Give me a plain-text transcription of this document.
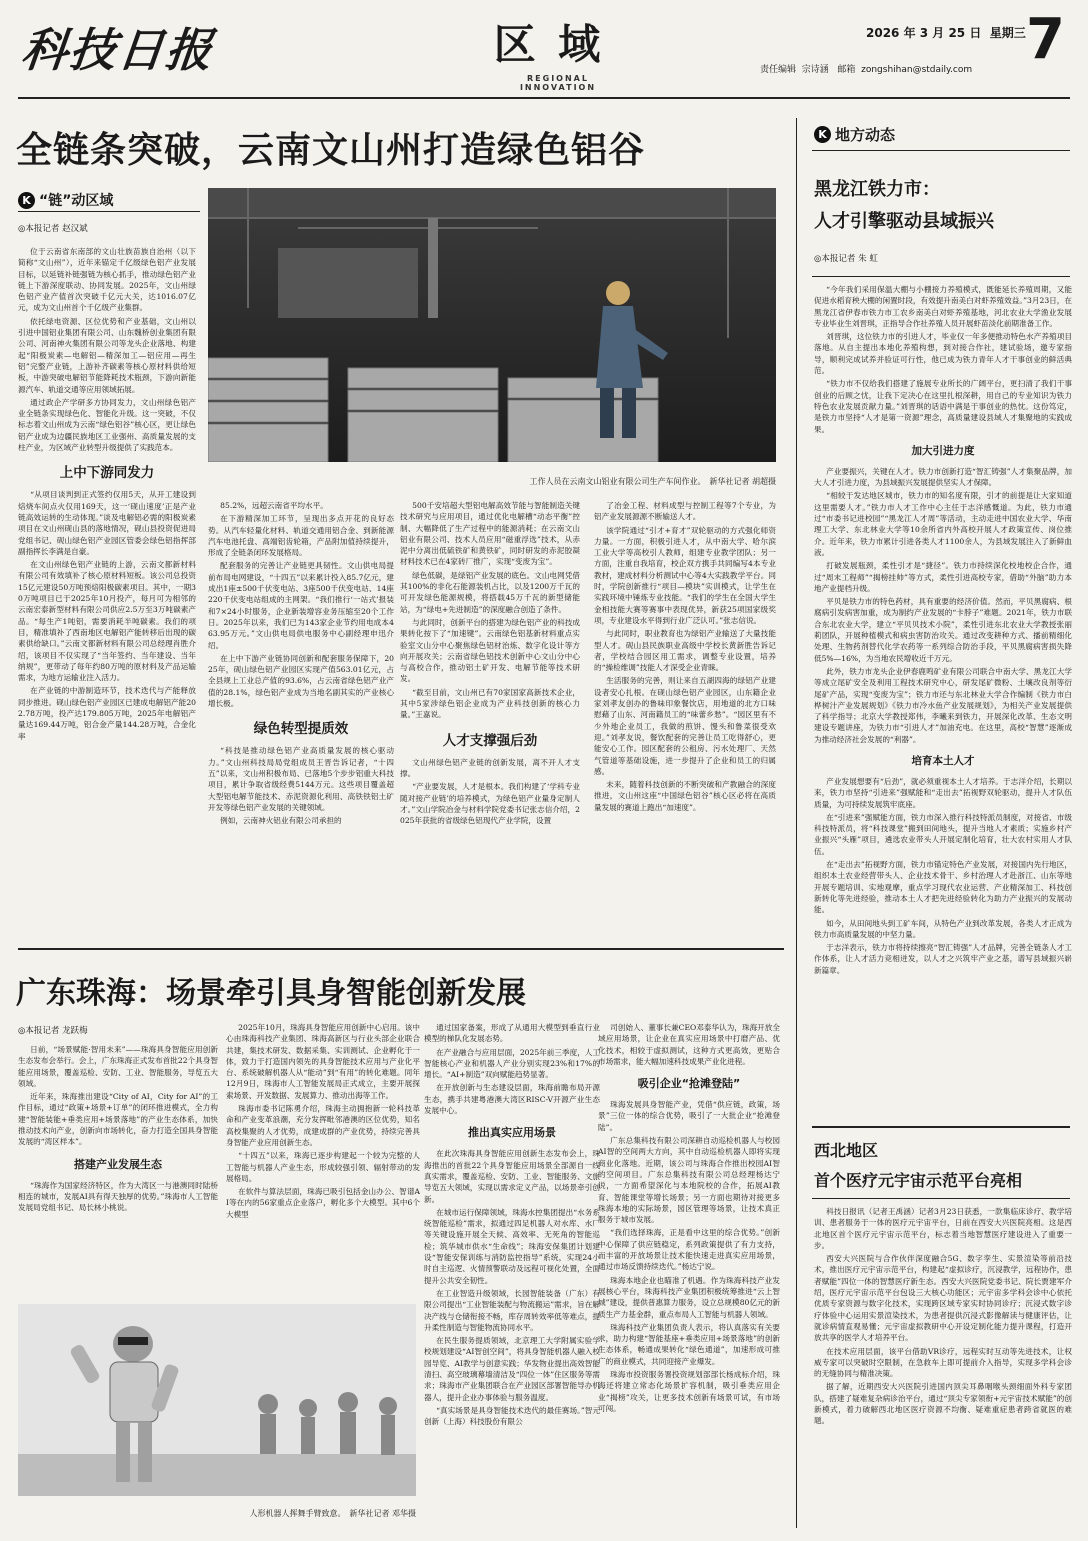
科技日报	区 域
REGIONAL INNOVATION
2026 年 3 月 25 日 星期三
责任编辑 宗诗涵 邮箱 zongshihan@stdaily.com 7
全链条突破，云南文山州打造绿色铝谷
K “链”动区域
◎本报记者 赵汉斌
工作人员在云南文山铝业有限公司生产车间作业。　新华社记者 胡超摄

位于云南省东南部的文山壮族苗族自治州（以下简称“文山州”），近年来锚定千亿级绿色铝产业发展目标，以延链补链强链为核心抓手，推动绿色铝产业链上下游深度联动、协同发展。2025年，文山州绿色铝产业产值首次突破千亿元大关，达1016.07亿元，成为文山州首个千亿级产业集群。

依托绿电资源、区位优势和产业基础，文山州以引进中国铝业集团有限公司、山东魏桥创业集团有限公司、河南神火集团有限公司等龙头企业落地、构建起“阳极炭素—电解铝—精深加工—铝应用—再生铝”完整产业链，上游补齐碳素等核心原材料供给短板，中游突破电解铝节能降耗技术瓶颈，下游向新能源汽车、轨道交通等应用领域拓展。

通过政企产学研多方协同发力，文山州绿色铝产业全链条实现绿色化、智能化升级。这一突破，不仅标志着文山州成为云南“绿色铝谷”核心区，更让绿色铝产业成为边疆民族地区工业强州、高质量发展的支柱产业，为区域产业转型升级提供了实践范本。

上中下游同发力

“从项目谈判到正式签约仅用5天，从开工建设到焙烧车间点火仅用169天，这一‘砚山速度’正是产业链高效运转的生动体现。”谈及电解铝必需的阳极炭素项目在文山州砚山县的落地情况，砚山县投资促进局党组书记、砚山绿色铝产业园区管委会绿色铝指挥部副指挥长李满是自豪。

在文山州绿色铝产业链的上游，云南文都新材料有限公司有效填补了核心原材料短板。该公司总投资15亿元建设50万吨预焙阳极碳素项目。其中，一期30万吨项目已于2025年10月投产，每月可为相邻的云南宏泰新型材料有限公司供应2.5万至3万吨碳素产品。“每生产1吨铝，需要消耗半吨碳素。我们的项目，精准填补了西南地区电解铝产能转移后出现的碳素供给缺口。”云南文都新材料有限公司总经理肖胜介绍，该项目不仅实现了“当年签约、当年建设、当年纳规”，更带动了每年约80万吨的原材料及产品运输需求，为地方运输业注入活力。

在产业链的中游制造环节，技术迭代与产能释放同步推进。砚山绿色铝产业园区已建成电解铝产能202.78万吨，投产达179.805万吨，2025年电解铝产量达169.44万吨，铝合金产量144.28万吨，合金化率

85.2%，远超云南省平均水平。

在下游精深加工环节，呈现出多点开花的良好态势。从汽车轻量化材料、轨道交通用铝合金、到新能源汽车电池托盘、高端铝齿轮箱，产品附加值持续提升，形成了全链条闭环发展格局。

配套服务的完善让产业链更具韧性。文山供电局提前布局电网建设，“十四五”以来累计投入85.7亿元，建成出1座±500千伏变电站、3座500千伏变电站、14座220千伏变电站组成的主网架。“我们推行‘一站式’报装和7×24小时服务，企业新装增容业务压缩至20个工作日。2025年以来，我们已为143家企业节约用电成本463.95万元。”文山供电局供电服务中心副经理申迅介绍。

在上中下游产业链协同创新和配套服务保障下，2025年，砚山绿色铝产业园区实现产值563.01亿元，占全县规上工业总产值的93.6%，占云南省绿色铝产业产值的28.1%，绿色铝产业成为当地名副其实的产业核心增长极。

绿色转型提质效

“科技是推动绿色铝产业高质量发展的核心驱动力。”文山州科技局局党组成员王晋告诉记者，“十四五”以来，文山州积极布局、已落地5个步步铝重大科技项目，累计争取省级经费5144万元。这些项目覆盖超大型铝电解节能技术、赤泥资源化利用、高铁铁铝土矿开发等绿色铝产业发展的关键领域。

例如，云南神火铝业有限公司承担的

500千安培超大型铝电解高效节能与智能制造关键技术研究与应用项目，通过优化电解槽“动态平衡”控制、大幅降低了生产过程中的能源消耗；在云南文山铝业有限公司、技术人员应用“磁重浮选”技术，从赤泥中分离出低硫铁矿和黄铁矿，同时研发的赤泥胶凝材料技术已在4家砖厂推广，实现“变废为宝”。

绿色低碳，是绿铝产业发展的底色。文山电网凭借其100%的非化石能源装机占比，以及1200万千瓦的可开发绿色能源规模，将搭载45万千瓦的新型储能站，为“绿电+先进制造”的深度融合创造了条件。

与此同时，创新平台的搭建为绿色铝产业的科技成果转化按下了“加速键”。云南绿色铝基新材料重点实验室文山分中心聚焦绿色铝材治炼、数字化设计等方向开展攻关；云南省绿色铝技术创新中心文山分中心与高校合作，推动铝土矿开发、电解节能等技术研发。

“截至目前，文山州已有70家国家高新技术企业，其中5家涉绿色铝企业成为产业科技创新的核心力量。”王嘉说。

人才支撑强后劲

文山州绿色铝产业链的创新发展，离不开人才支撑。

“产业要发展，人才是根本。我们构建了‘学科专业随对接产业链’的培养模式，为绿色铝产业量身定制人才。”文山学院冶金与材料学院党委书记张志信介绍，2025年获批的省级绿色铝现代产业学院，设置

了冶金工程、材料成型与控制工程等7个专业，为铝产业发展源源不断输送人才。

该学院通过“引才+育才”双轮驱动的方式强化师资力量。一方面，积极引进人才，从中南大学、哈尔滨工业大学等高校引人教师，组建专业教学团队；另一方面，注重自我培育，校企双方携手共同编写4本专业教材，建成材料分析测试中心等4大实践教学平台。同时，学院创新推行“项目—模块”实训模式，让学生在实践环境中锤炼专业技能。“我们的学生在全国大学生金相技能大赛等赛事中表现优异，新获25项国家级奖项，专业建设水平得到行业广泛认可。”张志信说。

与此同时，职业教育也为绿铝产业输送了大量技能型人才。砚山县民族职业高级中学校长黄新胜告诉记者，学校结合园区用工需求，调整专业设置，培养的“操检维调”技能人才深受企业青睐。

生活服务的完善，则让来自五湖四海的绿铝产业建设者安心扎根。在砚山绿色铝产业园区，山东籍企业家刘孝友创办的鲁味印象餐饮店，用地道的北方口味慰藉了山东、河南籍员工的“味蕾乡愁”。“园区里有不少外地企业员工，我做的煎饼、馒头和鲁菜很受欢迎。”刘孝友说，餐饮配套的完善让员工吃得舒心，更能安心工作。园区配套的公租房、污水处理厂、天然气管道等基础设施，进一步提升了企业和员工的归属感。

未来，随着科技创新的不断突破和产教融合的深度推进，文山州这座“中国绿色铝谷”核心区必将在高质量发展的赛道上跑出“加速度”。

广东珠海：场景牵引具身智能创新发展
◎本报记者 龙跃梅

日前，“场景赋能·智用未来”——珠海具身智能应用创新生态发布会举行。会上，广东珠海正式发布首批22个具身智能应用场景，覆盖巡检、安防、工业、智能服务，导览五大领域。

近年来，珠海推出建设“City of AI，City for AI”的工作目标，通过“政策+场景+订单”的闭环推进模式，全力构建“智能装能+垂类应用+场景落地”的产业生态体系，加快推动技术向产业，创新向市场转化，奋力打造全国具身智能发展的“湾区样本”。

搭建产业发展生态

“珠海作为国家经济特区，作为大湾区一与港澳同时陆桥相连的城市，发展AI具有得天独厚的优势。”珠海市人工智能发展局党组书记、局长林小桃说。

2025年10月，珠海具身智能应用创新中心启用。该中心由珠海科技产业集团、珠海高新区与行业头部企业联合共建，集技术研发、数据采集、实训测试、企业孵化于一体，致力于打造国内领先的具身智能技术应用与产业化平台、系统破解机器人从“能动”到“有用”的转化难题。同年12月9日，珠海市人工智能发展局正式成立，主要开展探索场景、开发数据、发展算力、推动出海等工作。

珠海市委书记陈勇介绍，珠海主动拥抱新一轮科技革命和产业变革浪潮，充分发挥毗邻港澳的区位优势，知名高校集聚的人才优势，成建成群的产业优势，持续完善具身智能产业应用创新生态。

“十四五”以来，珠海已逐步构建起一个较为完整的人工智能与机器人产业生态，形成较强引领、辐射带动的发展格局。

在软件与算法层面，珠海已吸引包括金山办公、智谱AI等在内的56家重点企业落户，孵化多个大模型。其中6个大模型

人形机器人挥舞手臂致意。　新华社记者 邓华摄

通过国家备案，形成了从通用大模型到垂直行业模型的梯队化发展态势。

在产业融合与应用层面，2025年前三季度，人工智能核心产业和机器人产业分别实现23%和17%的增长。“AI+制造”双向赋能趋势显著。

在开放创新与生态建设层面，珠海前瞻布局开源生态，携手共建粤港澳大湾区RISC-V开源产业生态发展中心。

推出真实应用场景

在此次珠海具身智能应用创新生态发布会上，珠海推出的首批22个具身智能应用场景全部源自一线真实需求，覆盖巡检、安防、工业、智能服务、文旅导览五大领域，实现以需求定义产品，以场景牵引创新。

在城市运行保障领域，珠海水控集团提出“水务系统智能巡检”需求，拟通过四足机器人对水库、水厂等关键设施开展全天候、高效率、无死角的智能巡检；筑华城市供水“生命线”；珠海安保集团计划建设“智能安保训练与消防监控指导”系统，实现24小时自主巡逻、火情预警联动及远程可视化处置，全面提升公共安全韧性。

在工业智造升级领域，长园智能装备（广东）有限公司提出“工业智能装配与物流搬运”需求，旨在解决产线与仓储衔接不畅，库存周转效率低等难点，提升柔性制造与智能物流协同水平。

在民生服务提质领域，北京理工大学附属实验学校规划建设“AI智创空间”，将具身智能机器人融入校园导览、AI教学与创意实践；华发物业提出高效智能清扫、高空玻璃幕墙清洁及“四位一体”住区服务等需求；珠海市产业集团联合在产业园区部署智能导办机器人，提升企业办事体验与服务温度。

“真实场景是具身智能技术迭代的最佳赛场。”智元创新（上海）科技股份有限公

司创始人、董事长兼CEO邓泰华认为，珠海开放全域应用场景，让企业在真实应用场景中打磨产品、优化技术，相较于虚拟测试，这种方式更高效，更贴合市场需求，能大幅加速科技成果产业化进程。

吸引企业“抢滩登陆”

珠海发展具身智能产业，凭借“供应链，政策，场景”三位一体的综合优势，吸引了一大批企业“抢滩登陆”。

广东总集科技有限公司深耕自动巡检机器人与校园AI智的空间两大方向，其中自动巡检机器人即将实现商业化落地。近期，该公司与珠海合作推出校园AI智的空间项目。广东总集科技有限公司总经理杨达宁说，一方面希望深化与本地院校的合作，拓展AI教育、智能课堂等增长场景；另一方面也期待对接更多珠海本地的实际场景，园区管理等场景，让技术真正服务于城市发展。

“我们选择珠海，正是看中这里的综合优势。”创新中心保障了供应链稳定，系列政策提供了有力支持，而丰富的开放场景让技术能快速走进真实应用场景，通过市场反馈持续迭代。”杨达宁说。

珠海本地企业也瞄准了机遇。作为珠海科技产业发展核心平台，珠海科技产业集团积极统筹推进“云上智城”建设，提供普惠算力服务，设立总规模80亿元的新质生产力基金群，重点布局人工智能与机器人领域。

珠海科技产业集团负责人表示，将认真落实有关要求，助力构建“智能基座+垂类应用+场景落地”的创新生态体系，畅通成果转化“绿色通道”，加速形成可推广的商业模式，共同迎接产业爆发。

珠海市投资服务署投资规划部部长杨成标介绍，珠海还将建立常态化场景扩容机制，吸引垂类应用企业“揭榜”攻关，让更多技术创新有场景可试，有市场可闯。

K 地方动态
黑龙江铁力市：
人才引擎驱动县域振兴
◎本报记者 朱 虹

“今年我们采用保温大棚与小棚接力养殖模式，既能延长养殖周期，又能促进水稻育秧大棚的闲置时段，有效提升南美白对虾养殖效益。”3月23日，在黑龙江省伊春市铁力市工农乡南美白对虾养殖基地，河北农业大学渔业发展专业毕业生刘晋琪，正指导合作社养殖人员开展虾苗淡化前期准备工作。

刘晋琪，这位铁力市的引进人才，毕业仅一年多便推动特色水产养殖项目落地。从自主提出本地化养殖构想，到对接合作社，建试验场，邀专家指导，顺利完成试养并验证可行性，他已成为铁力青年人才干事创业的鲜活典范。

“铁力市不仅给我们搭建了施展专业所长的广阔平台，更扫清了我们干事创业的后顾之忧，让我下定决心在这里扎根深耕，用自己的专业知识为铁力特色农业发展贡献力量。”刘晋琪的话语中满是干事创业的热忱。这份笃定，是铁力市坚持“人才是第一资源”理念，高质量建设县域人才集聚地的实践成果。

加大引进力度

产业要振兴，关键在人才。铁力市创新打造“智汇铸强”人才集聚品牌，加大人才引进力度，为县域振兴发展提供坚实人才保障。

“相较于发达地区城市，铁力市的知名度有限，引才的前提是让大家知道这里需要人才。”铁力市人才工作中心主任于志洋感慨道。为此，铁力市通过“市委书记进校园”“黑龙江人才周”等活动，主动走进中国农业大学、华南理工大学、东北林业大学等10余所省内外高校开展人才政策宣传、岗位推介。近年来，铁力市累计引进各类人才1100余人，为县域发展注入了新鲜血液。

打破发展瓶颈，柔性引才是“捷径”。铁力市持续深化校地校企合作，通过“周末工程师”“揭榜挂帅”等方式，柔性引进高校专家，借助“外脑”助力本地产业提档升级。

平贝是铁力市的特色药材，具有重要的经济价值。然而，平贝黑腐病、根腐病引发病害加重，成为制约产业发展的“卡脖子”难题。2021年，铁力市联合东北农业大学，建立“平贝贝技术小院”，柔性引进东北农业大学教授张丽莉团队，开展种植模式和病虫害防治攻关。通过改变耕种方式、播前精细化处理、生物药剂替代化学农药等一系列综合防治手段，平贝黑腐病害损失降低5%—16%，为当地农民增收近千万元。

此外，铁力市龙头企业伊春鹿鸣矿业有限公司联合中南大学、黑龙江大学等成立尾矿安全及利用工程技术研究中心，研发尾矿微粉、土壤改良剂等衍尾矿产品，实现“变废为宝”；铁力市还与东北林业大学合作编制《铁力市白桦树汁产业发展规划》《铁力市冷水鱼产业发展规划》，为相关产业发展提供了科学指导；北京大学教授郑伟，李曦来到铁力，开展深化改革、生态文明建设专题讲座，为铁力市“引进人才”加油充电。在这里，高校“智慧”逐渐成为推动经济社会发展的“利器”。

培育本土人才

产业发展想要有“后劲”，就必须重视本土人才培养。于志洋介绍，长期以来，铁力市坚持“引进来”强赋能和“走出去”拓视野双轮驱动，提升人才队伍质量，为可持续发展筑牢底座。

在“引进来”强赋能方面，铁力市深入推行科技特派员制度，对接省、市级科技特派员，将“科技课堂”搬到田间地头，提升当地人才素质；实施乡村产业振兴“头雁”项目，遴选农业带头人开展定制化培育，壮大农村实用人才队伍。

在“走出去”拓视野方面，铁力市锚定特色产业发展，对接国内先行地区，组织本土农业经营带头人、企业技术骨干、乡村治理人才赴浙江、山东等地开展专题培训、实地观摩，重点学习现代农业运营、产业精深加工、科技创新转化等先进经验，推动本土人才把先进经验转化为助力产业振兴的发展动能。

如今，从田间地头到工矿车间，从特色产业到改革发展，各类人才正成为铁力市高质量发展的中坚力量。

于志洋表示，铁力市将持续擦亮“智汇铸强”人才品牌，完善全链条人才工作体系，让人才活力竞相迸发，以人才之兴筑牢产业之基，谱写县域振兴崭新篇章。

西北地区
首个医疗元宇宙示范平台亮相

科技日报讯（记者王禹涵）记者3月23日获悉，一款集临床诊疗、教学培训、患者服务于一体的医疗元宇宙平台，日前在西安大兴医院亮相。这是西北地区首个医疗元宇宙示范平台，标志着当地智慧医疗建设进入了重要一步。

西安大兴医院与合作伙伴深度融合5G、数字孪生、实景渲染等前沿技术，推出医疗元宇宙示范平台，构建起“虚拟诊疗，沉浸教学，远程协作，患者赋能”四位一体的智慧医疗新生态。西安大兴医院党委书记、院长贾建军介绍，医疗元宇宙示范平台包设三大核心功能区；元宇宙多学科会诊中心依托优质专家资源与数字化技术，实现跨区域专家实时协同诊疗；沉浸式数字诊疗体验中心运用实景渲染技术，为患者提供沉浸式影像解读与健康评估，让就诊病情直观易懂；元宇宙虚拟教研中心开设定制化能力提升课程，打造开放共享的医学人才培养平台。

在技术应用层面，该平台借助VR诊疗，远程实时互动等先进技术，让权威专家可以突破时空限制，在急救车上即可提前介入指导，实现多学科会诊的无缝协同与精准决策。

据了解，近期西安大兴医院引进国内顶尖耳鼻咽喉头颈细面外科专家团队，搭建了疑难复杂病诊治平台，通过“顶尖专家领衔+元宇宙技术赋能”的创新模式，着力破解西北地区医疗资源不均衡、疑难重症患者跨省就医的难题。
